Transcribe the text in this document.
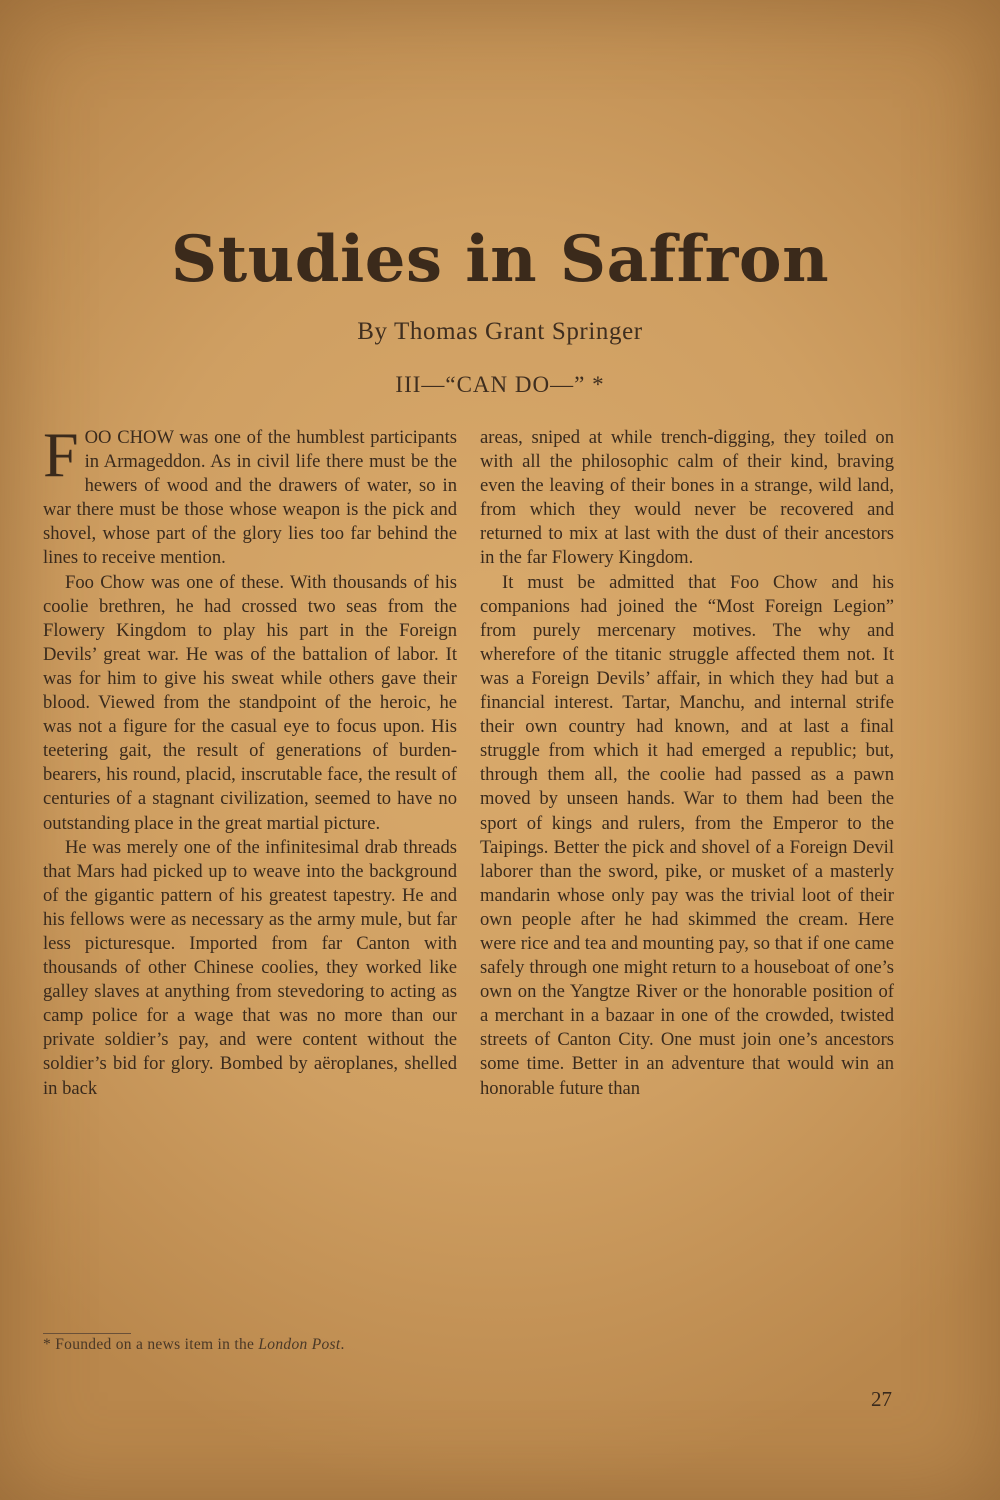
Studies in Saffron
By Thomas Grant Springer
III—“CAN DO—” *

FOO CHOW was one of the humblest participants in Armageddon. As in civil life there must be the hewers of wood and the drawers of water, so in war there must be those whose weapon is the pick and shovel, whose part of the glory lies too far behind the lines to receive mention.

Foo Chow was one of these. With thousands of his coolie brethren, he had crossed two seas from the Flowery Kingdom to play his part in the Foreign Devils’ great war. He was of the battalion of labor. It was for him to give his sweat while others gave their blood. Viewed from the standpoint of the heroic, he was not a figure for the casual eye to focus upon. His teetering gait, the result of generations of burden-bearers, his round, placid, inscrutable face, the result of centuries of a stagnant civilization, seemed to have no outstanding place in the great martial picture.

He was merely one of the infinitesimal drab threads that Mars had picked up to weave into the background of the gigantic pattern of his greatest tapestry. He and his fellows were as necessary as the army mule, but far less picturesque. Imported from far Canton with thousands of other Chinese coolies, they worked like galley slaves at anything from stevedoring to acting as camp police for a wage that was no more than our private soldier’s pay, and were content without the soldier’s bid for glory. Bombed by aëroplanes, shelled in back

areas, sniped at while trench-digging, they toiled on with all the philosophic calm of their kind, braving even the leaving of their bones in a strange, wild land, from which they would never be recovered and returned to mix at last with the dust of their ancestors in the far Flowery Kingdom.

It must be admitted that Foo Chow and his companions had joined the “Most Foreign Legion” from purely mercenary motives. The why and wherefore of the titanic struggle affected them not. It was a Foreign Devils’ affair, in which they had but a financial interest. Tartar, Manchu, and internal strife their own country had known, and at last a final struggle from which it had emerged a republic; but, through them all, the coolie had passed as a pawn moved by unseen hands. War to them had been the sport of kings and rulers, from the Emperor to the Taipings. Better the pick and shovel of a Foreign Devil laborer than the sword, pike, or musket of a masterly mandarin whose only pay was the trivial loot of their own people after he had skimmed the cream. Here were rice and tea and mounting pay, so that if one came safely through one might return to a houseboat of one’s own on the Yangtze River or the honorable position of a merchant in a bazaar in one of the crowded, twisted streets of Canton City. One must join one’s ancestors some time. Better in an adventure that would win an honorable future than

* Founded on a news item in the London Post.
27
